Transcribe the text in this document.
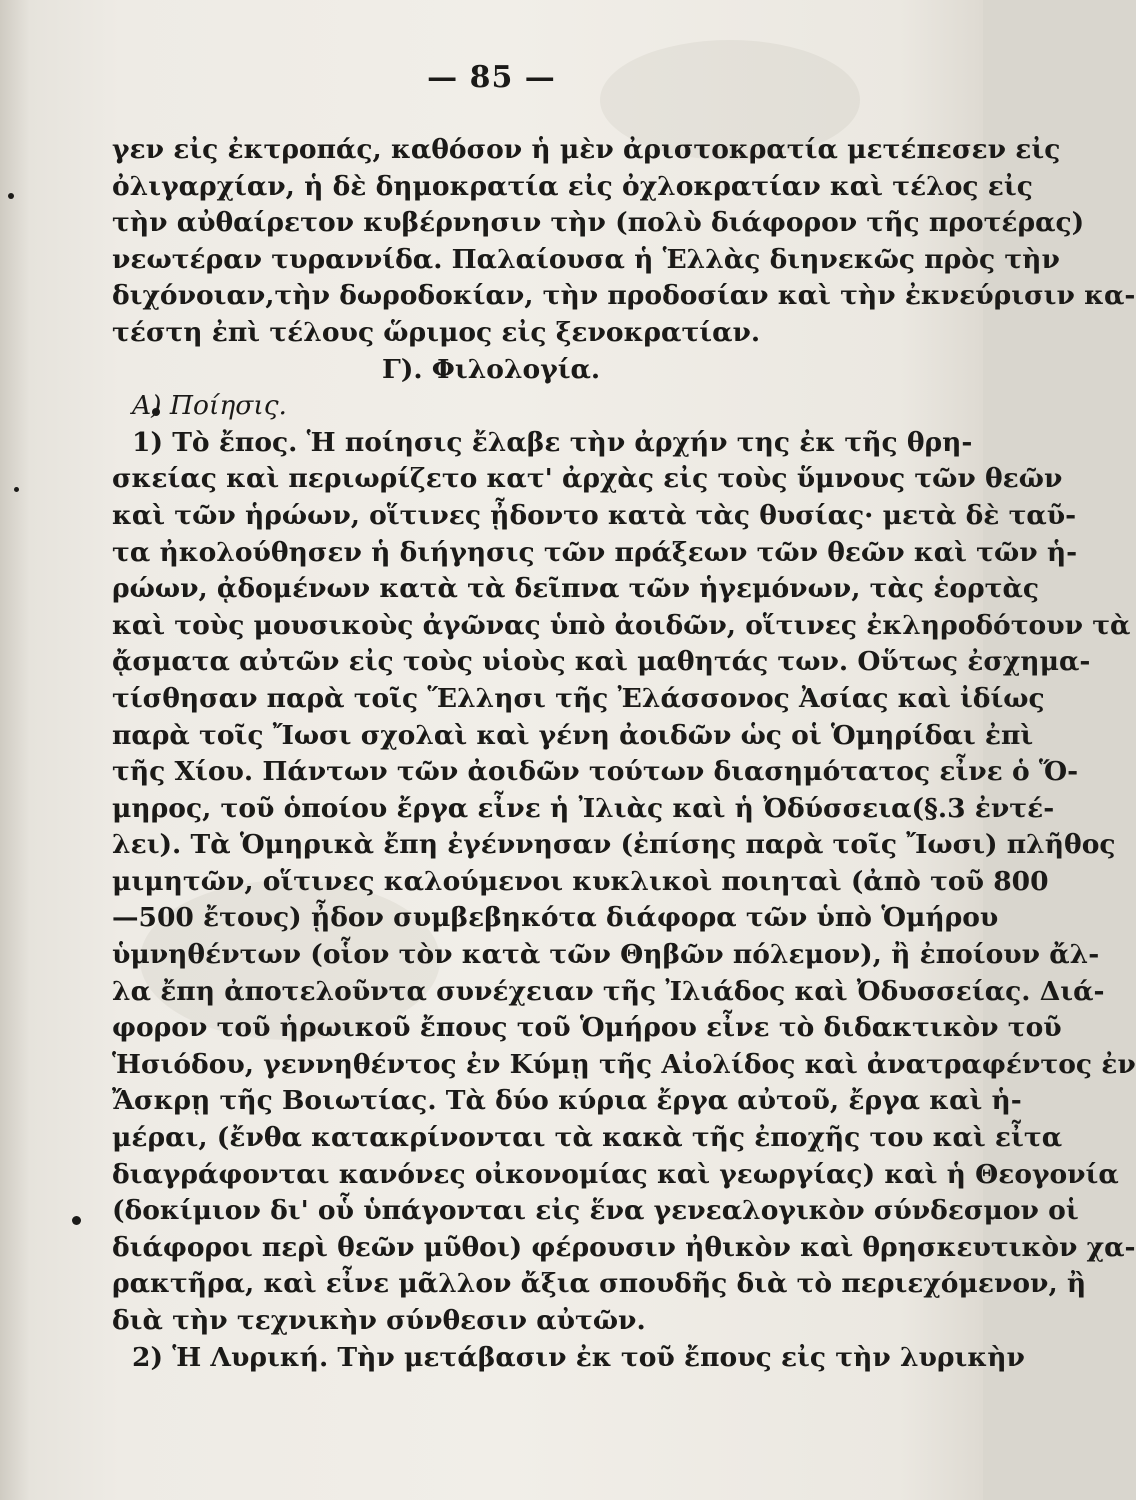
— 85 —
γεν εἰς ἐκτροπάς, καθόσον ἡ μὲν ἀριστοκρατία μετέπεσεν εἰς
ὀλιγαρχίαν, ἡ δὲ δημοκρατία εἰς ὀχλοκρατίαν καὶ τέλος εἰς
τὴν αὐθαίρετον κυβέρνησιν τὴν (πολὺ διάφορον τῆς προτέρας)
νεωτέραν τυραννίδα. Παλαίουσα ἡ Ἑλλὰς διηνεκῶς πρὸς τὴν
διχόνοιαν,τὴν δωροδοκίαν, τὴν προδοσίαν καὶ τὴν ἐκνεύρισιν κα-
τέστη ἐπὶ τέλους ὥριμος εἰς ξενοκρατίαν.
Γ). Φιλολογία.
A) Ποίησις.
1) Τὸ ἔπος. Ἡ ποίησις ἔλαβε τὴν ἀρχήν της ἐκ τῆς θρη-
σκείας καὶ περιωρίζετο κατ' ἀρχὰς εἰς τοὺς ὕμνους τῶν θεῶν
καὶ τῶν ἡρώων, οἵτινες ᾖδοντο κατὰ τὰς θυσίας· μετὰ δὲ ταῦ-
τα ἠκολούθησεν ἡ διήγησις τῶν πράξεων τῶν θεῶν καὶ τῶν ἡ-
ρώων, ᾀδομένων κατὰ τὰ δεῖπνα τῶν ἡγεμόνων, τὰς ἑορτὰς
καὶ τοὺς μουσικοὺς ἀγῶνας ὑπὸ ἀοιδῶν, οἵτινες ἐκληροδότουν τὰ
ᾄσματα αὐτῶν εἰς τοὺς υἱοὺς καὶ μαθητάς των. Οὕτως ἐσχημα-
τίσθησαν παρὰ τοῖς Ἕλλησι τῆς Ἐλάσσονος Ἀσίας καὶ ἰδίως
παρὰ τοῖς Ἴωσι σχολαὶ καὶ γένη ἀοιδῶν ὡς οἱ Ὁμηρίδαι ἐπὶ
τῆς Χίου. Πάντων τῶν ἀοιδῶν τούτων διασημότατος εἶνε ὁ Ὅ-
μηρος, τοῦ ὁποίου ἔργα εἶνε ἡ Ἰλιὰς καὶ ἡ Ὀδύσσεια(§.3 ἐντέ-
λει). Τὰ Ὁμηρικὰ ἔπη ἐγέννησαν (ἐπίσης παρὰ τοῖς Ἴωσι) πλῆθος
μιμητῶν, οἵτινες καλούμενοι κυκλικοὶ ποιηταὶ (ἀπὸ τοῦ 800
—500 ἔτους) ᾖδον συμβεβηκότα διάφορα τῶν ὑπὸ Ὁμήρου
ὑμνηθέντων (οἷον τὸν κατὰ τῶν Θηβῶν πόλεμον), ἢ ἐποίουν ἄλ-
λα ἔπη ἀποτελοῦντα συνέχειαν τῆς Ἰλιάδος καὶ Ὀδυσσείας. Διά-
φορον τοῦ ἡρωικοῦ ἔπους τοῦ Ὁμήρου εἶνε τὸ διδακτικὸν τοῦ
Ἡσιόδου, γεννηθέντος ἐν Κύμῃ τῆς Αἰολίδος καὶ ἀνατραφέντος ἐν
Ἄσκρῃ τῆς Βοιωτίας. Τὰ δύο κύρια ἔργα αὐτοῦ, ἔργα καὶ ἡ-
μέραι, (ἔνθα κατακρίνονται τὰ κακὰ τῆς ἐποχῆς του καὶ εἶτα
διαγράφονται κανόνες οἰκονομίας καὶ γεωργίας) καὶ ἡ Θεογονία
(δοκίμιον δι' οὗ ὑπάγονται εἰς ἕνα γενεαλογικὸν σύνδεσμον οἱ
διάφοροι περὶ θεῶν μῦθοι) φέρουσιν ἠθικὸν καὶ θρησκευτικὸν χα-
ρακτῆρα, καὶ εἶνε μᾶλλον ἄξια σπουδῆς διὰ τὸ περιεχόμενον, ἢ
διὰ τὴν τεχνικὴν σύνθεσιν αὐτῶν.
2) Ἡ Λυρική. Τὴν μετάβασιν ἐκ τοῦ ἔπους εἰς τὴν λυρικὴν
